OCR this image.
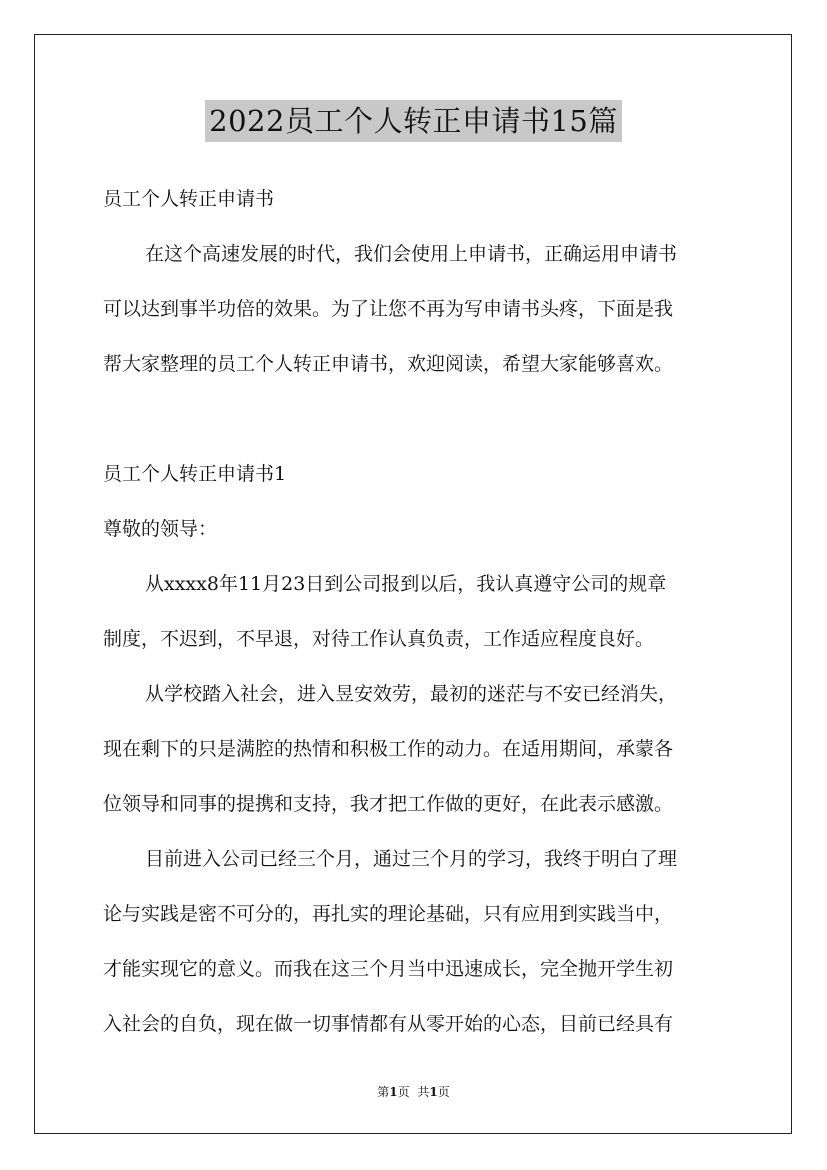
2022员工个人转正申请书15篇
员工个人转正申请书
在这个高速发展的时代，我们会使用上申请书，正确运用申请书
可以达到事半功倍的效果。为了让您不再为写申请书头疼，下面是我
帮大家整理的员工个人转正申请书，欢迎阅读，希望大家能够喜欢。
员工个人转正申请书1
尊敬的领导：
从xxxx8年11月23日到公司报到以后，我认真遵守公司的规章
制度，不迟到，不早退，对待工作认真负责，工作适应程度良好。
从学校踏入社会，进入昱安效劳，最初的迷茫与不安已经消失，
现在剩下的只是满腔的热情和积极工作的动力。在适用期间，承蒙各
位领导和同事的提携和支持，我才把工作做的更好，在此表示感激。
目前进入公司已经三个月，通过三个月的学习，我终于明白了理
论与实践是密不可分的，再扎实的理论基础，只有应用到实践当中，
才能实现它的意义。而我在这三个月当中迅速成长，完全抛开学生初
入社会的自负，现在做一切事情都有从零开始的心态，目前已经具有
第1页 共1页
